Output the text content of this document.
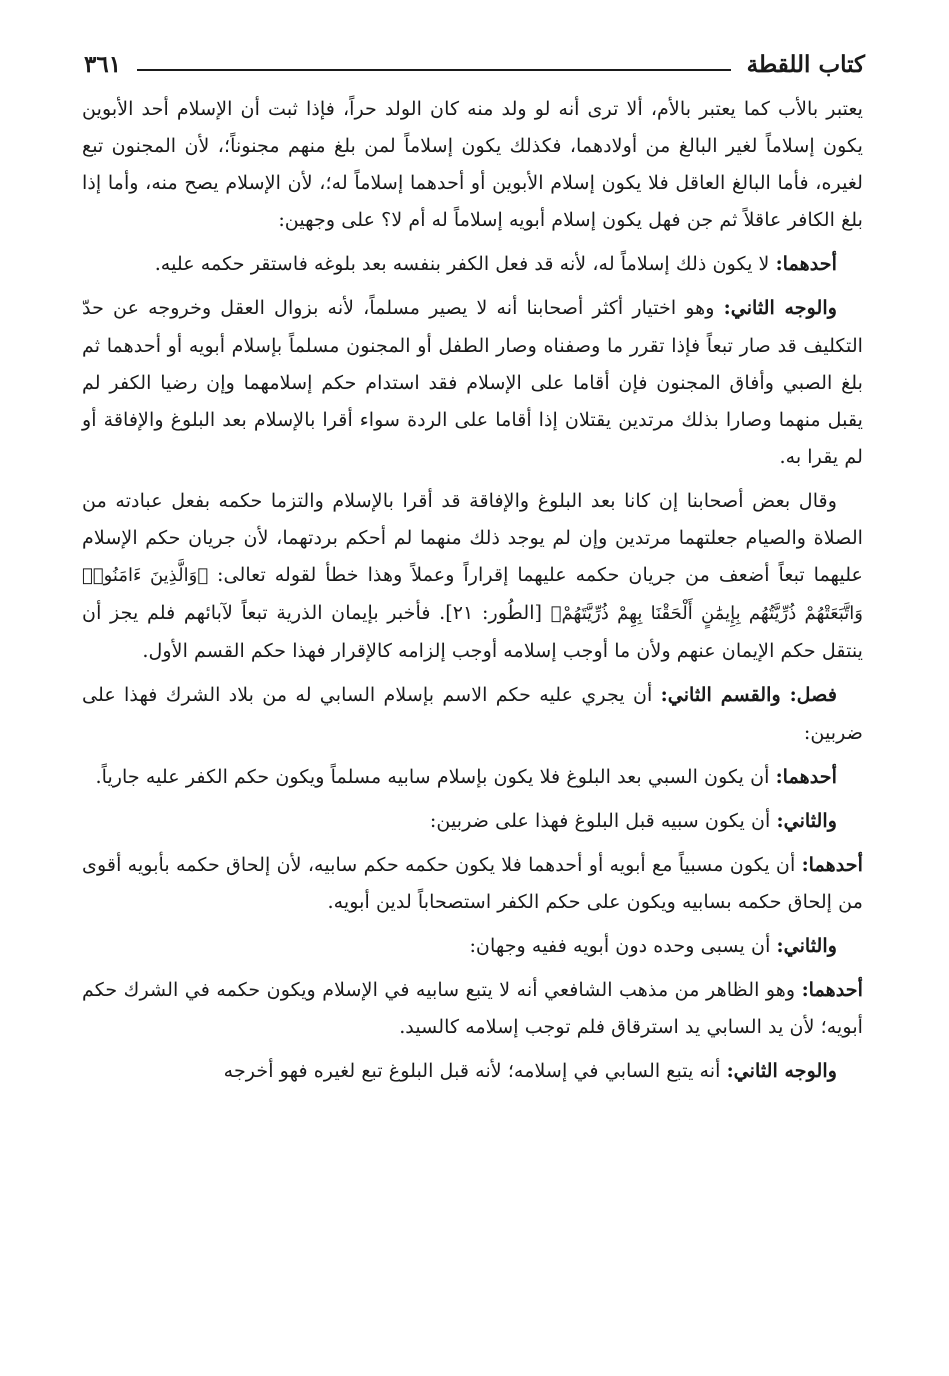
كتاب اللقطة
٣٦١

يعتبر بالأب كما يعتبر بالأم، ألا ترى أنه لو ولد منه كان الولد حراً، فإذا ثبت أن الإسلام أحد الأبوين يكون إسلاماً لغير البالغ من أولادهما، فكذلك يكون إسلاماً لمن بلغ منهم مجنوناً؛، لأن المجنون تبع لغيره، فأما البالغ العاقل فلا يكون إسلام الأبوين أو أحدهما إسلاماً له؛، لأن الإسلام يصح منه، وأما إذا بلغ الكافر عاقلاً ثم جن فهل يكون إسلام أبويه إسلاماً له أم لا؟ على وجهين:

أحدهما: لا يكون ذلك إسلاماً له، لأنه قد فعل الكفر بنفسه بعد بلوغه فاستقر حكمه عليه.

والوجه الثاني: وهو اختيار أكثر أصحابنا أنه لا يصير مسلماً، لأنه بزوال العقل وخروجه عن حدّ التكليف قد صار تبعاً فإذا تقرر ما وصفناه وصار الطفل أو المجنون مسلماً بإسلام أبويه أو أحدهما ثم بلغ الصبي وأفاق المجنون فإن أقاما على الإسلام فقد استدام حكم إسلامهما وإن رضيا الكفر لم يقبل منهما وصارا بذلك مرتدين يقتلان إذا أقاما على الردة سواء أقرا بالإسلام بعد البلوغ والإفاقة أو لم يقرا به.

وقال بعض أصحابنا إن كانا بعد البلوغ والإفاقة قد أقرا بالإسلام والتزما حكمه بفعل عبادته من الصلاة والصيام جعلتهما مرتدين وإن لم يوجد ذلك منهما لم أحكم بردتهما، لأن جريان حكم الإسلام عليهما تبعاً أضعف من جريان حكمه عليهما إقراراً وعملاً وهذا خطأ لقوله تعالى: ﴿وَالَّذِينَ ءَامَنُوا۟ وَاتَّبَعَتْهُمْ ذُرِّيَّتُهُم بِإِيمَٰنٍ أَلْحَقْنَا بِهِمْ ذُرِّيَّتَهُمْ﴾ [الطُور: ٢١]. فأخبر بإيمان الذرية تبعاً لآبائهم فلم يجز أن ينتقل حكم الإيمان عنهم ولأن ما أوجب إسلامه أوجب إلزامه كالإقرار فهذا حكم القسم الأول.

فصل: والقسم الثاني: أن يجري عليه حكم الاسم بإسلام السابي له من بلاد الشرك فهذا على ضربين:

أحدهما: أن يكون السبي بعد البلوغ فلا يكون بإسلام سابيه مسلماً ويكون حكم الكفر عليه جارياً.

والثاني: أن يكون سبيه قبل البلوغ فهذا على ضربين:

أحدهما: أن يكون مسبياً مع أبويه أو أحدهما فلا يكون حكمه حكم سابيه، لأن إلحاق حكمه بأبويه أقوى من إلحاق حكمه بسابيه ويكون على حكم الكفر استصحاباً لدين أبويه.

والثاني: أن يسبى وحده دون أبويه ففيه وجهان:

أحدهما: وهو الظاهر من مذهب الشافعي أنه لا يتبع سابيه في الإسلام ويكون حكمه في الشرك حكم أبويه؛ لأن يد السابي يد استرقاق فلم توجب إسلامه كالسيد.

والوجه الثاني: أنه يتبع السابي في إسلامه؛ لأنه قبل البلوغ تبع لغيره فهو أخرجه
